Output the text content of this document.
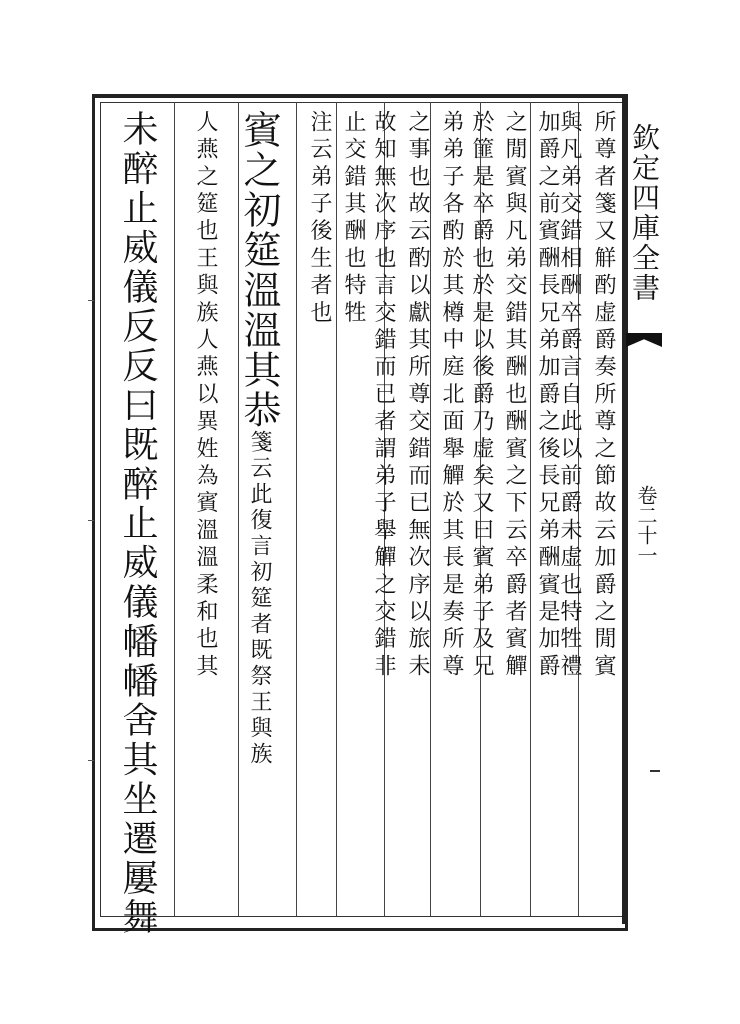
欽定四庫全書
卷二十一
所尊者箋又觧酌虚爵奏所尊之節故云加爵之閒賓
與凡弟交錯相酬卒爵言自此以前爵未虚也特牲禮
加爵之前賓酬長兄弟加爵之後長兄弟酬賓是加爵
之閒賓與凡弟交錯其酬也酬賓之下云卒爵者賓觶
於篚是卒爵也於是以後爵乃虚矣又曰賓弟子及兄
弟弟子各酌於其樽中庭北面舉觶於其長是奏所尊
之事也故云酌以獻其所尊交錯而已無次序以旅未
故知無次序也言交錯而已者謂弟子舉觶之交錯非
止交錯其酬也特牲
注云弟子後生者也
賓之初筵溫溫其恭箋云此復言初筵者既祭王與族
人燕之筵也王與族人燕以異姓為賓溫溫柔和也其
未醉止威儀反反曰既醉止威儀幡幡舍其坐遷屢舞
